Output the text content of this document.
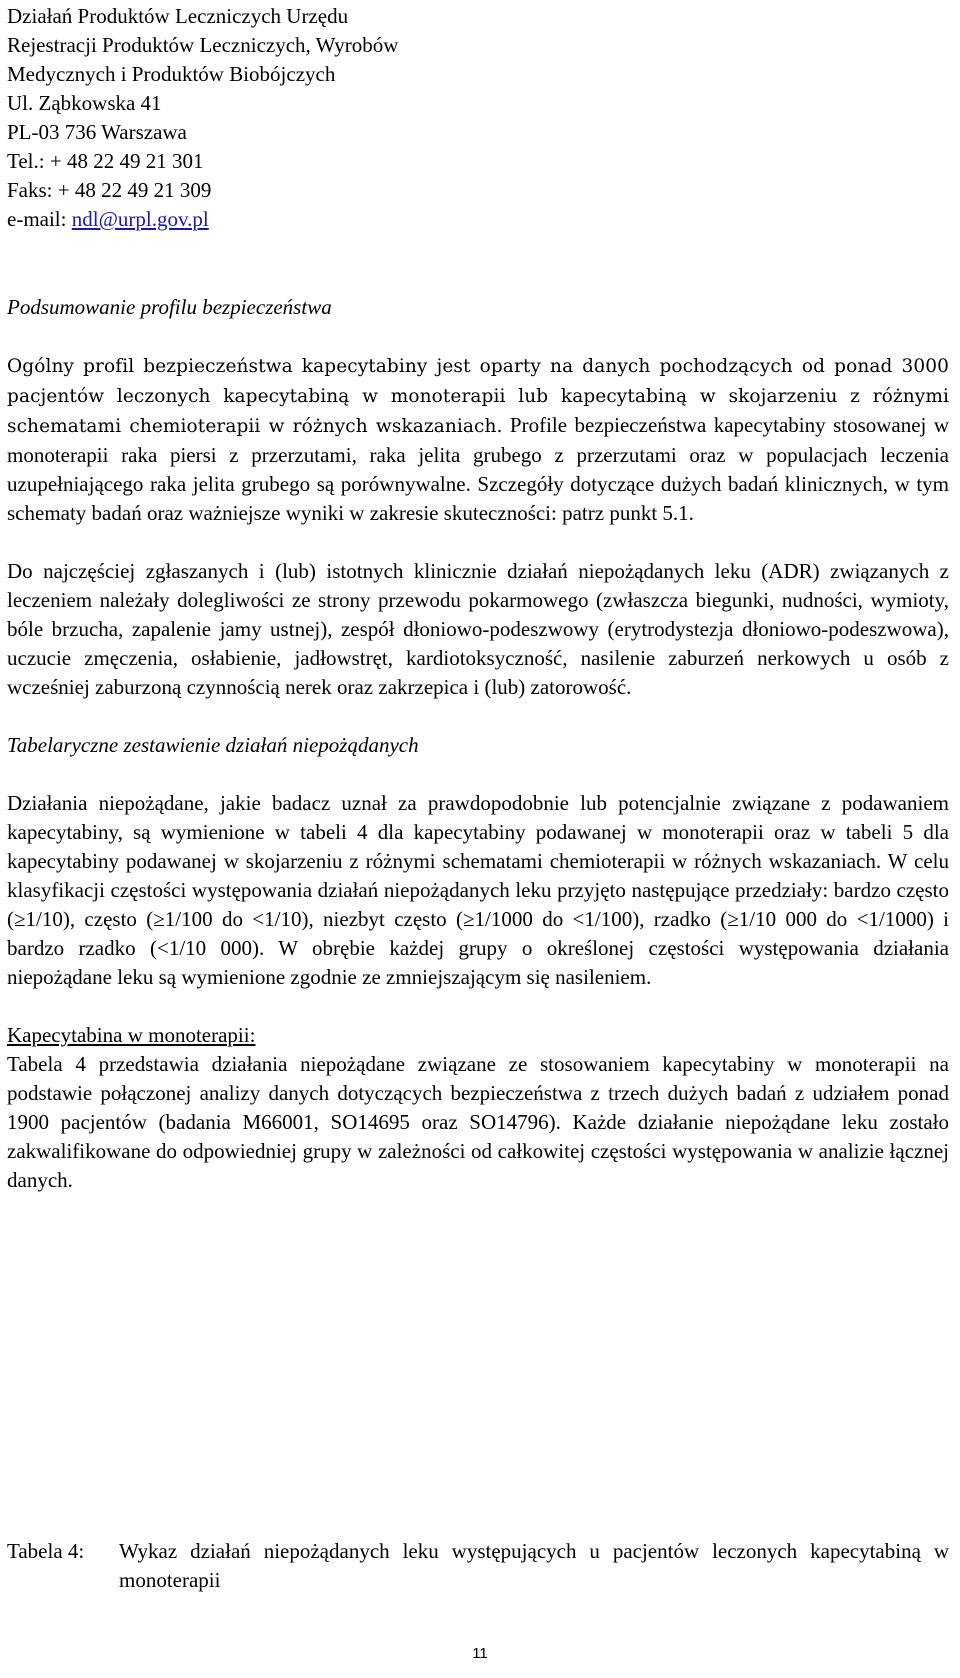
Działań Produktów Leczniczych Urzędu
Rejestracji Produktów Leczniczych, Wyrobów
Medycznych i Produktów Biobójczych
Ul. Ząbkowska 41
PL-03 736 Warszawa
Tel.: + 48 22 49 21 301
Faks: + 48 22 49 21 309
e-mail: ndl@urpl.gov.pl
Podsumowanie profilu bezpieczeństwa
Ogólny profil bezpieczeństwa kapecytabiny jest oparty na danych pochodzących od ponad 3000 pacjentów leczonych kapecytabiną w monoterapii lub kapecytabiną w skojarzeniu z różnymi schematami chemioterapii w różnych wskazaniach. Profile bezpieczeństwa kapecytabiny stosowanej w monoterapii raka piersi z przerzutami, raka jelita grubego z przerzutami oraz w populacjach leczenia uzupełniającego raka jelita grubego są porównywalne. Szczegóły dotyczące dużych badań klinicznych, w tym schematy badań oraz ważniejsze wyniki w zakresie skuteczności: patrz punkt 5.1.
Do najczęściej zgłaszanych i (lub) istotnych klinicznie działań niepożądanych leku (ADR) związanych z leczeniem należały dolegliwości ze strony przewodu pokarmowego (zwłaszcza biegunki, nudności, wymioty, bóle brzucha, zapalenie jamy ustnej), zespół dłoniowo-podeszwowy (erytrodystezja dłoniowo-podeszwowa), uczucie zmęczenia, osłabienie, jadłowstręt, kardiotoksyczność, nasilenie zaburzeń nerkowych u osób z wcześniej zaburzoną czynnością nerek oraz zakrzepica i (lub) zatorowość.
Tabelaryczne zestawienie działań niepożądanych
Działania niepożądane, jakie badacz uznał za prawdopodobnie lub potencjalnie związane z podawaniem kapecytabiny, są wymienione w tabeli 4 dla kapecytabiny podawanej w monoterapii oraz w tabeli 5 dla kapecytabiny podawanej w skojarzeniu z różnymi schematami chemioterapii w różnych wskazaniach. W celu klasyfikacji częstości występowania działań niepożądanych leku przyjęto następujące przedziały: bardzo często (≥1/10), często (≥1/100 do <1/10), niezbyt często (≥1/1000 do <1/100), rzadko (≥1/10 000 do <1/1000) i bardzo rzadko (<1/10 000). W obrębie każdej grupy o określonej częstości występowania działania niepożądane leku są wymienione zgodnie ze zmniejszającym się nasileniem.
Kapecytabina w monoterapii:
Tabela 4 przedstawia działania niepożądane związane ze stosowaniem kapecytabiny w monoterapii na podstawie połączonej analizy danych dotyczących bezpieczeństwa z trzech dużych badań z udziałem ponad 1900 pacjentów (badania M66001, SO14695 oraz SO14796). Każde działanie niepożądane leku zostało zakwalifikowane do odpowiedniej grupy w zależności od całkowitej częstości występowania w analizie łącznej danych.
Tabela 4:	Wykaz działań niepożądanych leku występujących u pacjentów leczonych kapecytabiną w monoterapii
11
